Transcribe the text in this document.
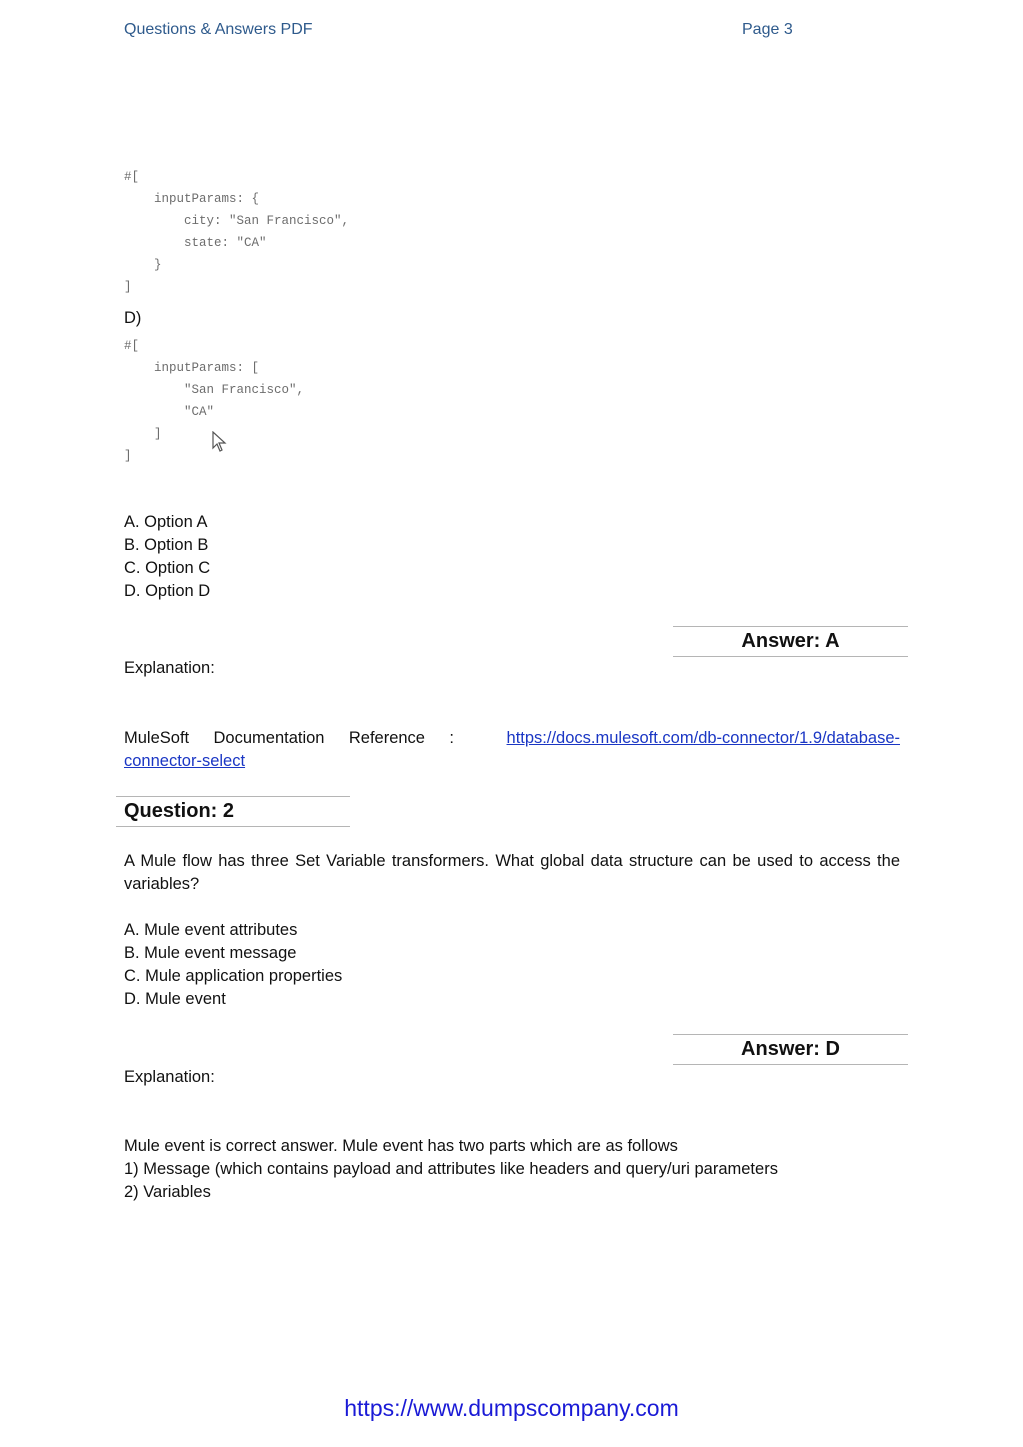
Questions & Answers PDF	Page 3
#[
inputParams: {
city: "San Francisco",
state: "CA"
}
]
D)
#[
inputParams: [
"San Francisco",
"CA"
]
]
A. Option A
B. Option B
C. Option C
D. Option D
Answer: A
Explanation:
MuleSoft Documentation Reference :	https://docs.mulesoft.com/db-connector/1.9/database-
connector-select
Question: 2
A Mule flow has three Set Variable transformers. What global data structure can be used to access the variables?
A. Mule event attributes
B. Mule event message
C. Mule application properties
D. Mule event
Answer: D
Explanation:
Mule event is correct answer. Mule event has two parts which are as follows
1) Message (which contains payload and attributes like headers and query/uri parameters
2) Variables
https://www.dumpscompany.com
